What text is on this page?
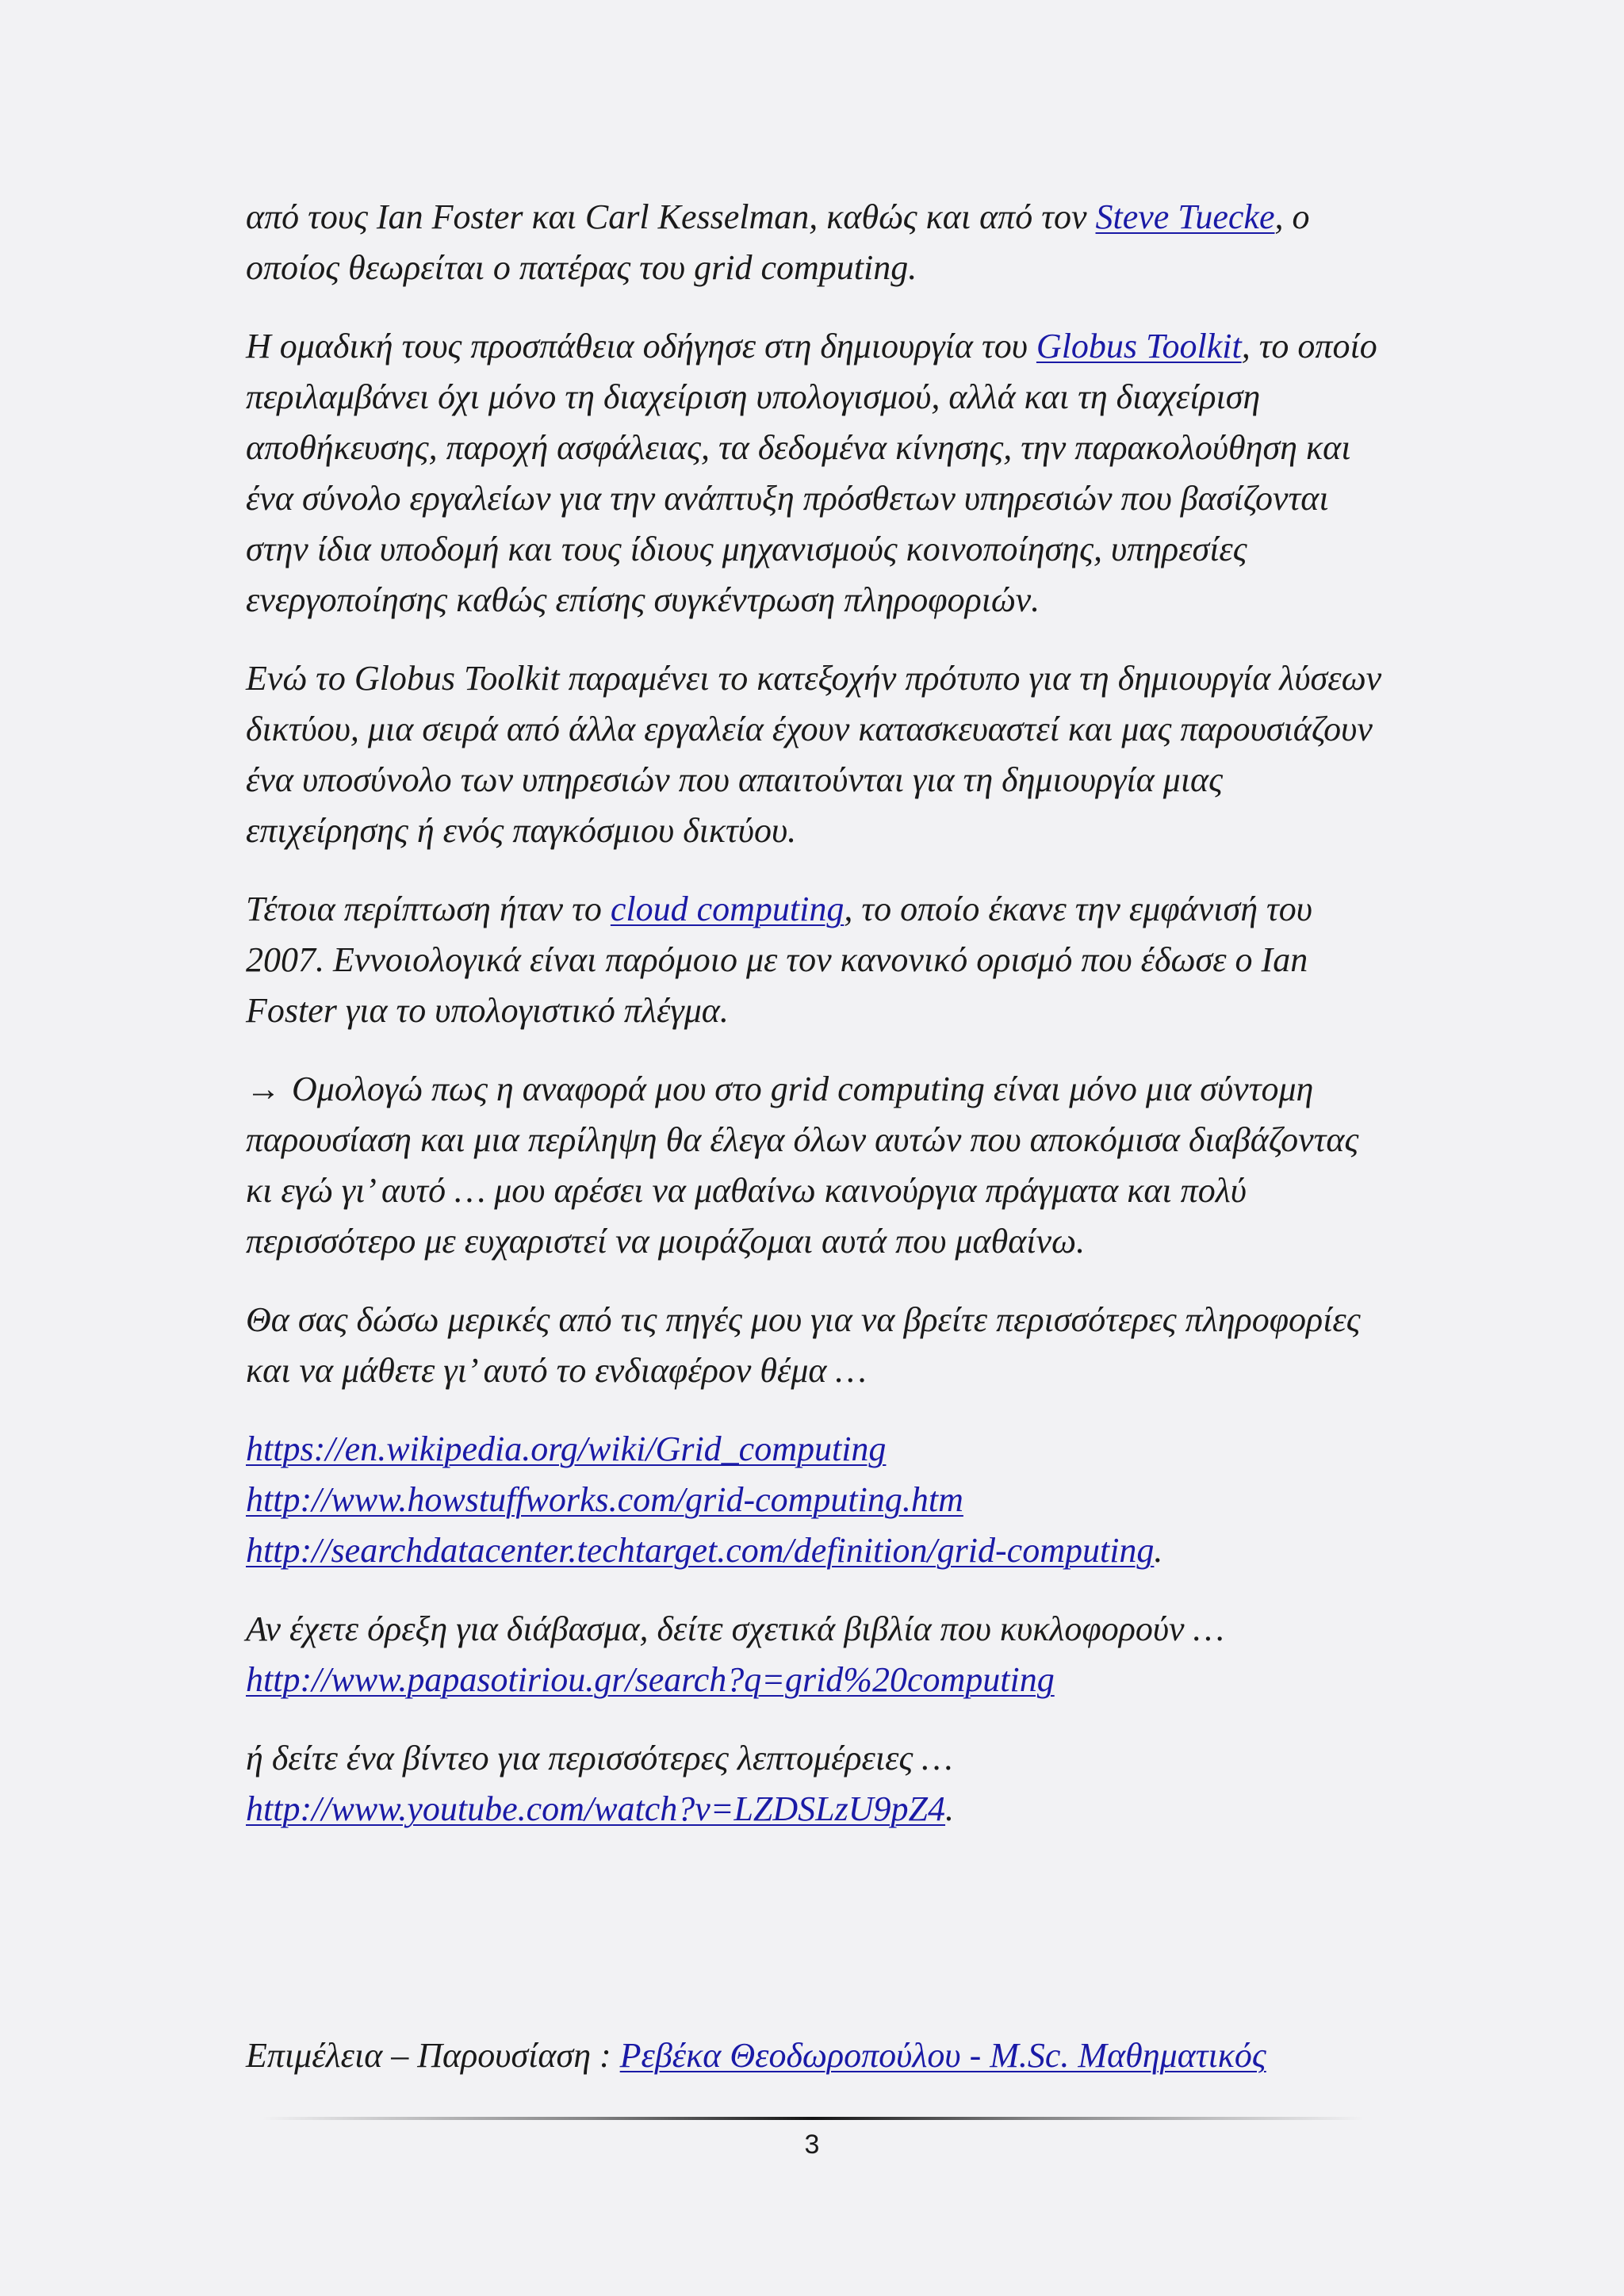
από τους Ian Foster και Carl Kesselman, καθώς και από τον Steve Tuecke, ο οποίος θεωρείται ο πατέρας του grid computing.

Η ομαδική τους προσπάθεια οδήγησε στη δημιουργία του Globus Toolkit, το οποίο περιλαμβάνει όχι μόνο τη διαχείριση υπολογισμού, αλλά και τη διαχείριση αποθήκευσης, παροχή ασφάλειας, τα δεδομένα κίνησης, την παρακολούθηση και ένα σύνολο εργαλείων για την ανάπτυξη πρόσθετων υπηρεσιών που βασίζονται στην ίδια υποδομή και τους ίδιους μηχανισμούς κοινοποίησης, υπηρεσίες ενεργοποίησης καθώς επίσης συγκέντρωση πληροφοριών.

Ενώ το Globus Toolkit παραμένει το κατεξοχήν πρότυπο για τη δημιουργία λύσεων δικτύου, μια σειρά από άλλα εργαλεία έχουν κατασκευαστεί και μας παρουσιάζουν ένα υποσύνολο των υπηρεσιών που απαιτούνται για τη δημιουργία μιας επιχείρησης ή ενός παγκόσμιου δικτύου.

Τέτοια περίπτωση ήταν το cloud computing, το οποίο έκανε την εμφάνισή του 2007. Εννοιολογικά είναι παρόμοιο με τον κανονικό ορισμό που έδωσε ο Ian Foster για το υπολογιστικό πλέγμα.

→ Ομολογώ πως η αναφορά μου στο grid computing είναι μόνο μια σύντομη παρουσίαση και μια περίληψη θα έλεγα όλων αυτών που αποκόμισα διαβάζοντας κι εγώ γι’ αυτό … μου αρέσει να μαθαίνω καινούργια πράγματα και πολύ περισσότερο με ευχαριστεί να μοιράζομαι αυτά που μαθαίνω.

Θα σας δώσω μερικές από τις πηγές μου για να βρείτε περισσότερες πληροφορίες και να μάθετε γι’ αυτό το ενδιαφέρον θέμα …

https://en.wikipedia.org/wiki/Grid_computing
http://www.howstuffworks.com/grid-computing.htm
http://searchdatacenter.techtarget.com/definition/grid-computing.

Αν έχετε όρεξη για διάβασμα, δείτε σχετικά βιβλία που κυκλοφορούν …
http://www.papasotiriou.gr/search?q=grid%20computing

ή δείτε ένα βίντεο για περισσότερες λεπτομέρειες …
http://www.youtube.com/watch?v=LZDSLzU9pZ4.

Επιμέλεια – Παρουσίαση : Ρεβέκα Θεοδωροπούλου - M.Sc. Μαθηματικός
3
